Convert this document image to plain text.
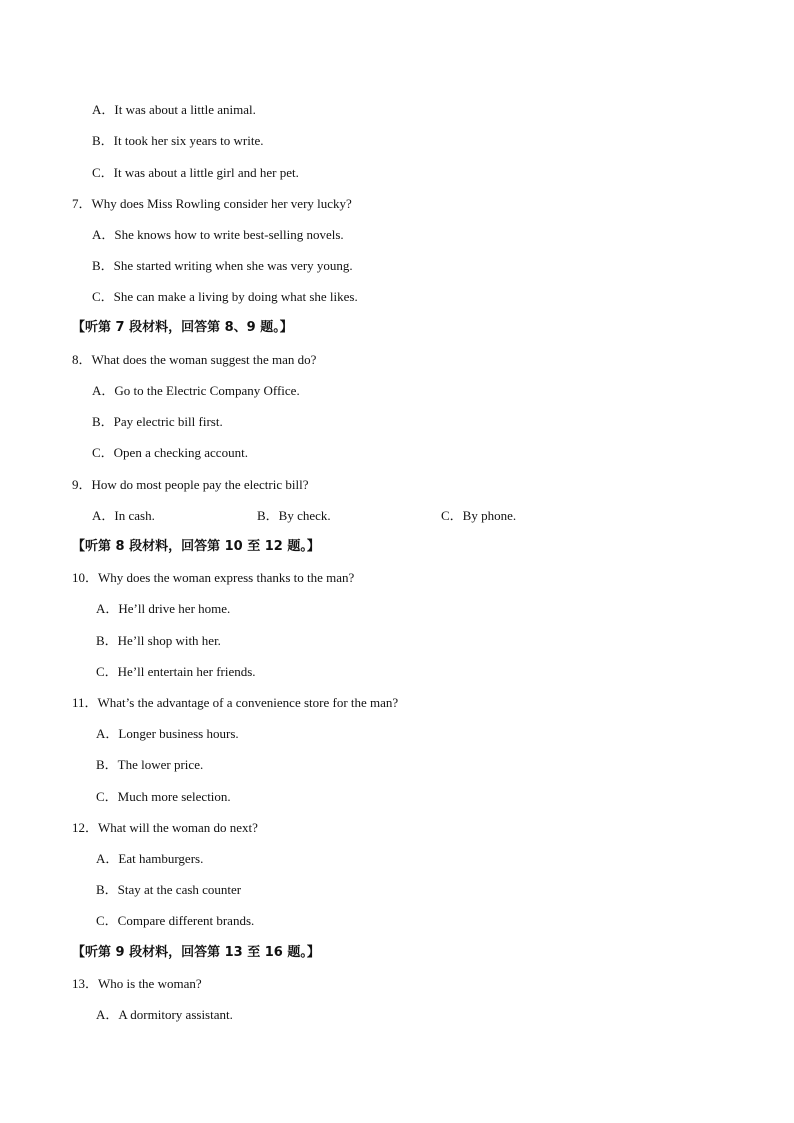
A．It was about a little animal.
B．It took her six years to write.
C．It was about a little girl and her pet.
7．Why does Miss Rowling consider her very lucky?
A．She knows how to write best-selling novels.
B．She started writing when she was very young.
C．She can make a living by doing what she likes.
【听第 7 段材料，回答第 8、9 题。】
8．What does the woman suggest the man do?
A．Go to the Electric Company Office.
B．Pay electric bill first.
C．Open a checking account.
9．How do most people pay the electric bill?
A．In cash.	B．By check.	C．By phone.
【听第 8 段材料，回答第 10 至 12 题。】
10．Why does the woman express thanks to the man?
A．He’ll drive her home.
B．He’ll shop with her.
C．He’ll entertain her friends.
11．What’s the advantage of a convenience store for the man?
A．Longer business hours.
B．The lower price.
C．Much more selection.
12．What will the woman do next?
A．Eat hamburgers.
B．Stay at the cash counter
C．Compare different brands.
【听第 9 段材料，回答第 13 至 16 题。】
13．Who is the woman?
A．A dormitory assistant.
